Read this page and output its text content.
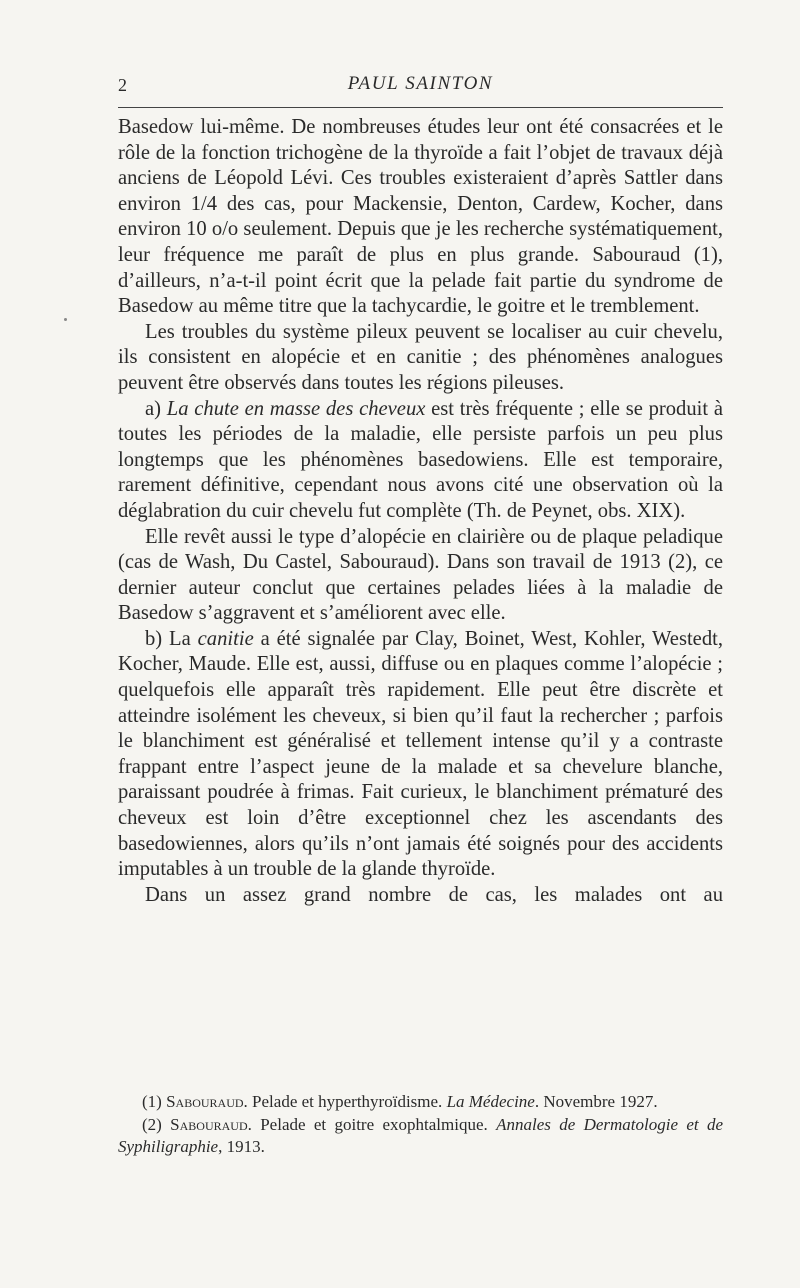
2	PAUL SAINTON

Basedow lui-même. De nombreuses études leur ont été consacrées et le rôle de la fonction trichogène de la thyroïde a fait l’objet de travaux déjà anciens de Léopold Lévi. Ces troubles existeraient d’après Sattler dans environ 1/4 des cas, pour Mackensie, Denton, Cardew, Kocher, dans environ 10 o/o seulement. Depuis que je les recherche systématiquement, leur fréquence me paraît de plus en plus grande. Sabouraud (1), d’ailleurs, n’a-t-il point écrit que la pelade fait partie du syndrome de Basedow au même titre que la tachycardie, le goitre et le tremblement.

Les troubles du système pileux peuvent se localiser au cuir chevelu, ils consistent en alopécie et en canitie ; des phénomènes analogues peuvent être observés dans toutes les régions pileuses.

a) La chute en masse des cheveux est très fréquente ; elle se produit à toutes les périodes de la maladie, elle persiste parfois un peu plus longtemps que les phénomènes basedowiens. Elle est temporaire, rarement définitive, cependant nous avons cité une observation où la déglabration du cuir chevelu fut complète (Th. de Peynet, obs. XIX).

Elle revêt aussi le type d’alopécie en clairière ou de plaque peladique (cas de Wash, Du Castel, Sabouraud). Dans son travail de 1913 (2), ce dernier auteur conclut que certaines pelades liées à la maladie de Basedow s’aggravent et s’améliorent avec elle.

b) La canitie a été signalée par Clay, Boinet, West, Kohler, Westedt, Kocher, Maude. Elle est, aussi, diffuse ou en plaques comme l’alopécie ; quelquefois elle apparaît très rapidement. Elle peut être discrète et atteindre isolément les cheveux, si bien qu’il faut la rechercher ; parfois le blanchiment est généralisé et tellement intense qu’il y a contraste frappant entre l’aspect jeune de la malade et sa chevelure blanche, paraissant poudrée à frimas. Fait curieux, le blanchiment prématuré des cheveux est loin d’être exceptionnel chez les ascendants des basedowiennes, alors qu’ils n’ont jamais été soignés pour des accidents imputables à un trouble de la glande thyroïde.

Dans un assez grand nombre de cas, les malades ont au

(1) Sabouraud. Pelade et hyperthyroïdisme. La Médecine. Novembre 1927.

(2) Sabouraud. Pelade et goitre exophtalmique. Annales de Dermatologie et de Syphiligraphie, 1913.
